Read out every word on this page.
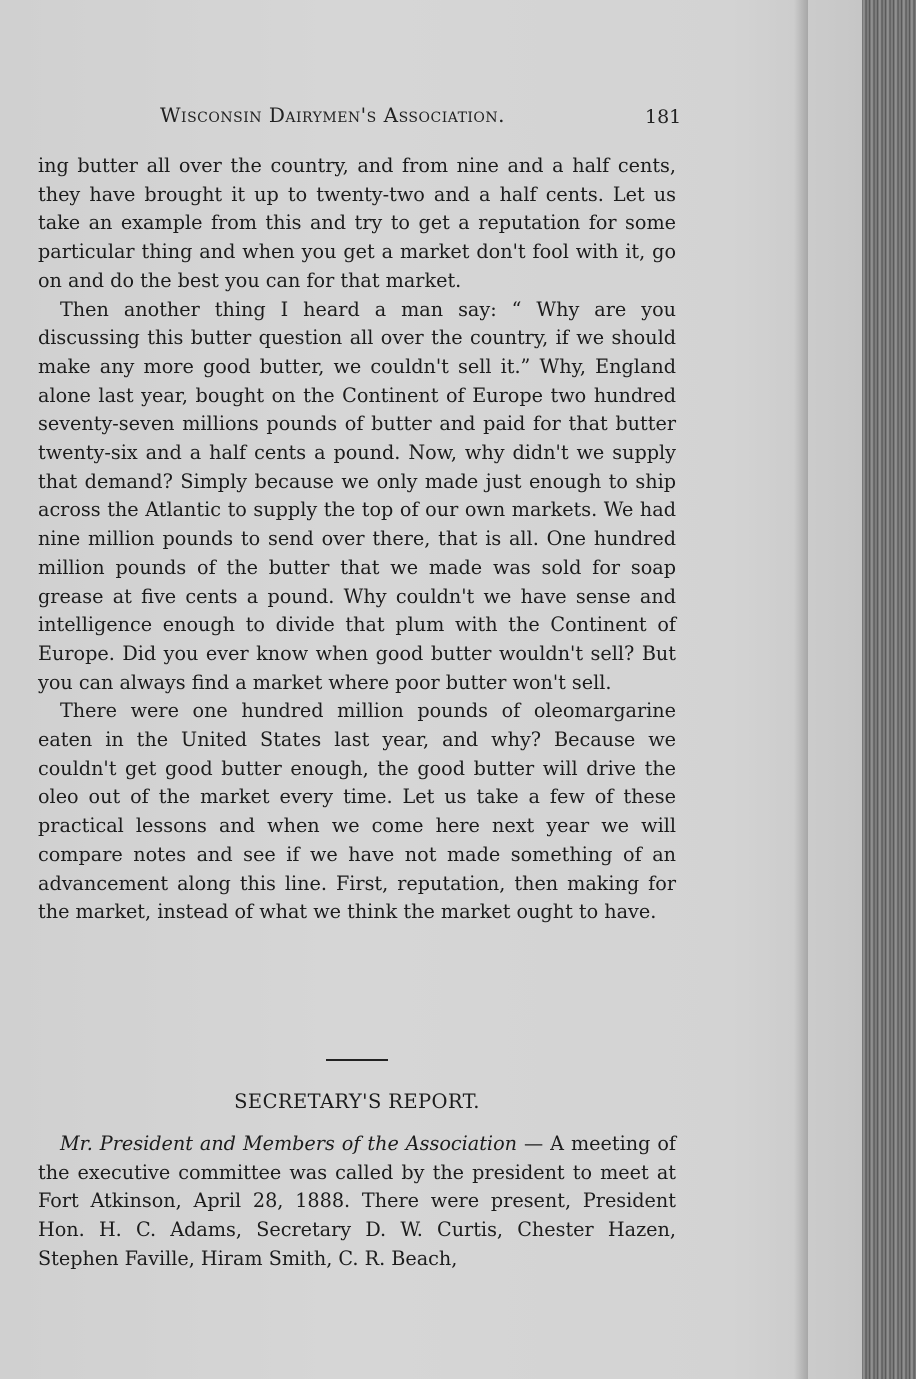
Wisconsin Dairymen's Association.	181

ing butter all over the country, and from nine and a half cents, they have brought it up to twenty-two and a half cents. Let us take an example from this and try to get a reputation for some particular thing and when you get a market don't fool with it, go on and do the best you can for that market.

Then another thing I heard a man say: “ Why are you discussing this butter question all over the country, if we should make any more good butter, we couldn't sell it.” Why, England alone last year, bought on the Continent of Europe two hundred seventy-seven millions pounds of butter and paid for that butter twenty-six and a half cents a pound. Now, why didn't we supply that demand? Simply because we only made just enough to ship across the Atlantic to supply the top of our own markets. We had nine million pounds to send over there, that is all. One hundred million pounds of the butter that we made was sold for soap grease at five cents a pound. Why couldn't we have sense and intelligence enough to divide that plum with the Continent of Europe. Did you ever know when good butter wouldn't sell? But you can always find a market where poor butter won't sell.

There were one hundred million pounds of oleomargarine eaten in the United States last year, and why? Because we couldn't get good butter enough, the good butter will drive the oleo out of the market every time. Let us take a few of these practical lessons and when we come here next year we will compare notes and see if we have not made something of an advancement along this line. First, reputation, then making for the market, instead of what we think the market ought to have.

SECRETARY'S REPORT.

Mr. President and Members of the Association — A meeting of the executive committee was called by the president to meet at Fort Atkinson, April 28, 1888. There were present, President Hon. H. C. Adams, Secretary D. W. Curtis, Chester Hazen, Stephen Faville, Hiram Smith, C. R. Beach,
